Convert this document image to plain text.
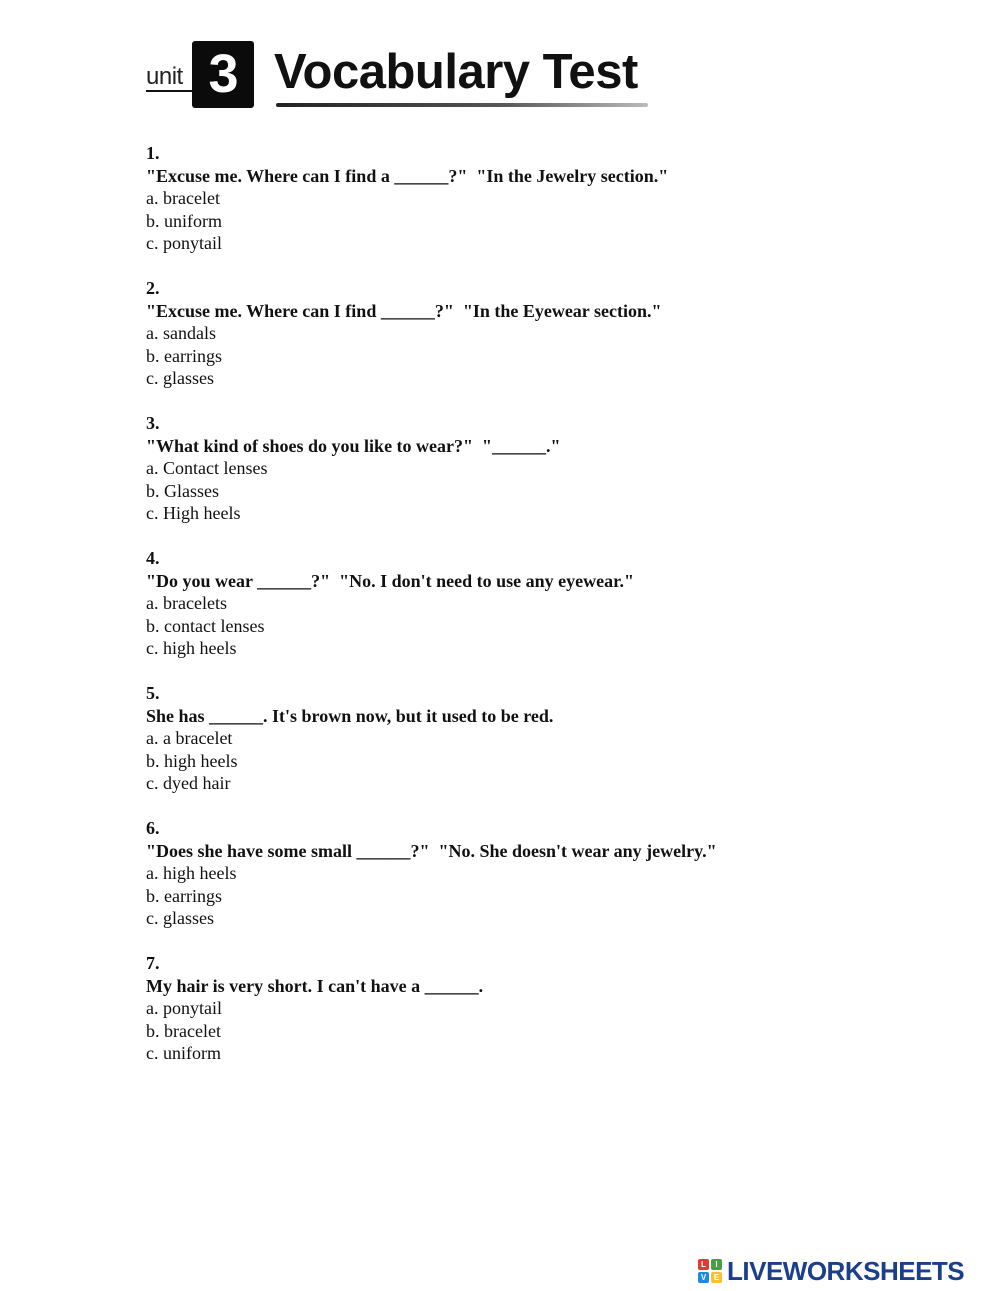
unit 3 Vocabulary Test
1.
"Excuse me. Where can I find a ______?"  "In the Jewelry section."
a. bracelet
b. uniform
c. ponytail
2.
"Excuse me. Where can I find ______?"  "In the Eyewear section."
a. sandals
b. earrings
c. glasses
3.
"What kind of shoes do you like to wear?"  "______."
a. Contact lenses
b. Glasses
c. High heels
4.
"Do you wear ______?"  "No. I don't need to use any eyewear."
a. bracelets
b. contact lenses
c. high heels
5.
She has ______. It's brown now, but it used to be red.
a. a bracelet
b. high heels
c. dyed hair
6.
"Does she have some small ______?"  "No. She doesn't wear any jewelry."
a. high heels
b. earrings
c. glasses
7.
My hair is very short. I can't have a ______.
a. ponytail
b. bracelet
c. uniform
L	I
V E LIVEWORKSHEETS
